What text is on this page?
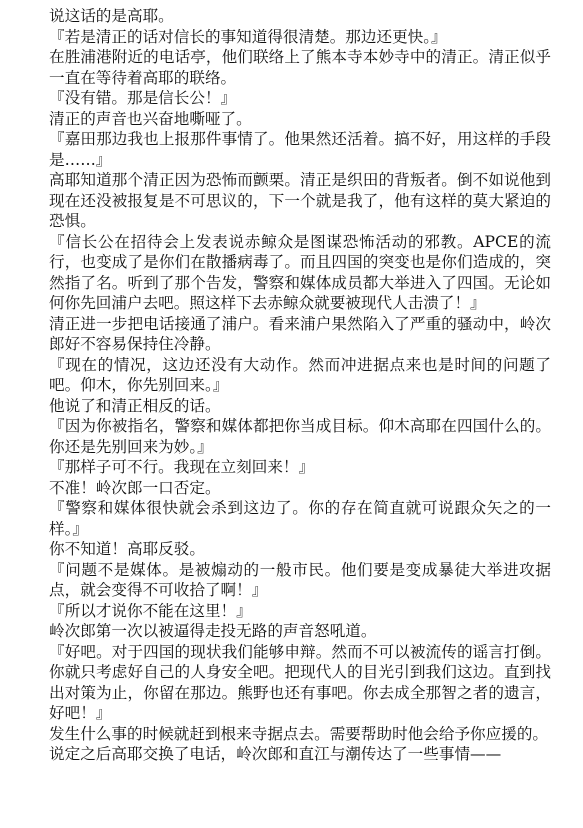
说这话的是高耶。

『若是清正的话对信长的事知道得很清楚。那边还更快。』

在胜浦港附近的电话亭，他们联络上了熊本寺本妙寺中的清正。清正似乎一直在等待着高耶的联络。

『没有错。那是信长公！』

清正的声音也兴奋地嘶哑了。

『嘉田那边我也上报那件事情了。他果然还活着。搞不好，用这样的手段是……』

高耶知道那个清正因为恐怖而颤栗。清正是织田的背叛者。倒不如说他到现在还没被报复是不可思议的，下一个就是我了，他有这样的莫大紧迫的恐惧。

『信长公在招待会上发表说赤鲸众是图谋恐怖活动的邪教。APCE的流行，也变成了是你们在散播病毒了。而且四国的突变也是你们造成的，突然指了名。听到了那个告发，警察和媒体成员都大举进入了四国。无论如何你先回浦户去吧。照这样下去赤鲸众就要被现代人击溃了！』

清正进一步把电话接通了浦户。看来浦户果然陷入了严重的骚动中，岭次郎好不容易保持住冷静。

『现在的情况，这边还没有大动作。然而冲进据点来也是时间的问题了吧。仰木，你先别回来。』

他说了和清正相反的话。

『因为你被指名，警察和媒体都把你当成目标。仰木高耶在四国什么的。你还是先别回来为妙。』

『那样子可不行。我现在立刻回来！』

不准！岭次郎一口否定。

『警察和媒体很快就会杀到这边了。你的存在简直就可说跟众矢之的一样。』

你不知道！高耶反驳。

『问题不是媒体。是被煽动的一般市民。他们要是变成暴徒大举进攻据点，就会变得不可收拾了啊！』

『所以才说你不能在这里！』

岭次郎第一次以被逼得走投无路的声音怒吼道。

『好吧。对于四国的现状我们能够申辩。然而不可以被流传的谣言打倒。你就只考虑好自己的人身安全吧。把现代人的目光引到我们这边。直到找出对策为止，你留在那边。熊野也还有事吧。你去成全那智之者的遗言，好吧！』

发生什么事的时候就赶到根来寺据点去。需要帮助时他会给予你应援的。

说定之后高耶交换了电话，岭次郎和直江与潮传达了一些事情——
